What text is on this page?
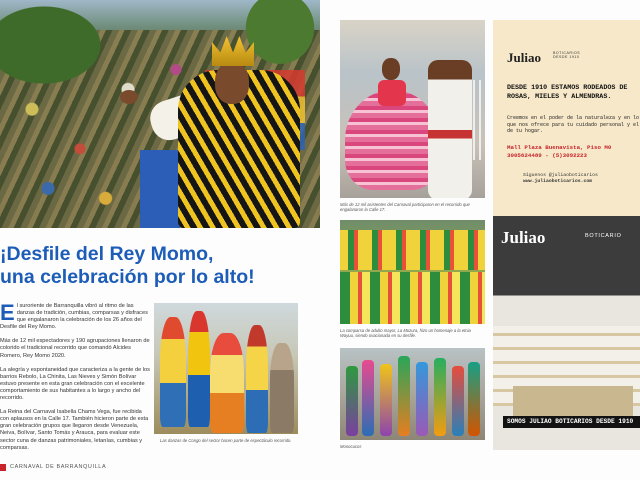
¡Desfile del Rey Momo,
una celebración por lo alto!

El suroriente de Barranquilla vibró al ritmo de las danzas de tradición, cumbias, comparsas y disfraces que engalanaron la celebración de los 26 años del Desfile del Rey Momo.

Más de 12 mil espectadores y 190 agrupaciones llenaron de colorido el tradicional recorrido que comandó Alcides Romero, Rey Momo 2020.

La alegría y espontaneidad que caracteriza a la gente de los barrios Rebolo, La Chinita, Las Nieves y Simón Bolívar estuvo presente en esta gran celebración con el excelente comportamiento de sus habitantes a lo largo y ancho del recorrido.

La Reina del Carnaval Isabella Chams Vega, fue recibida con aplausos en la Calle 17. También hicieron parte de esta gran celebración grupos que llegaron desde Venezuela, Neiva, Bolívar, Santo Tomás y Arauca, para evaluar este sector cuna de danzas patrimoniales, letanías, cumbias y comparsas.

Las danzas de Congo del sector hacen parte de espectáculo recorrido.
CARNAVAL DE BARRANQUILLA
Más de 12 mil asistentes del Carnaval participaron en el recorrido que engalanaron la Calle 17.
La comparsa de adulto mayor, La Mozura, hizo un homenaje a la etnia Wayuu, siendo ovacionada en su desfile.
Monocucos
Juliao	BOTICARIOS
DESDE 1910
DESDE 1910 ESTAMOS RODEADOS DE ROSAS, MIELES Y ALMENDRAS.
Creemos en el poder de la naturaleza y en lo que nos ofrece para tu cuidado personal y el de tu hogar.
Mall Plaza Buenavista, Piso M0
3005624489 - (5)3092223
Síguenos @juliaoboticarios
www.juliaoboticarios.com
Juliao	BOTICARIO
SOMOS JULIAO BOTICARIOS DESDE 1910
